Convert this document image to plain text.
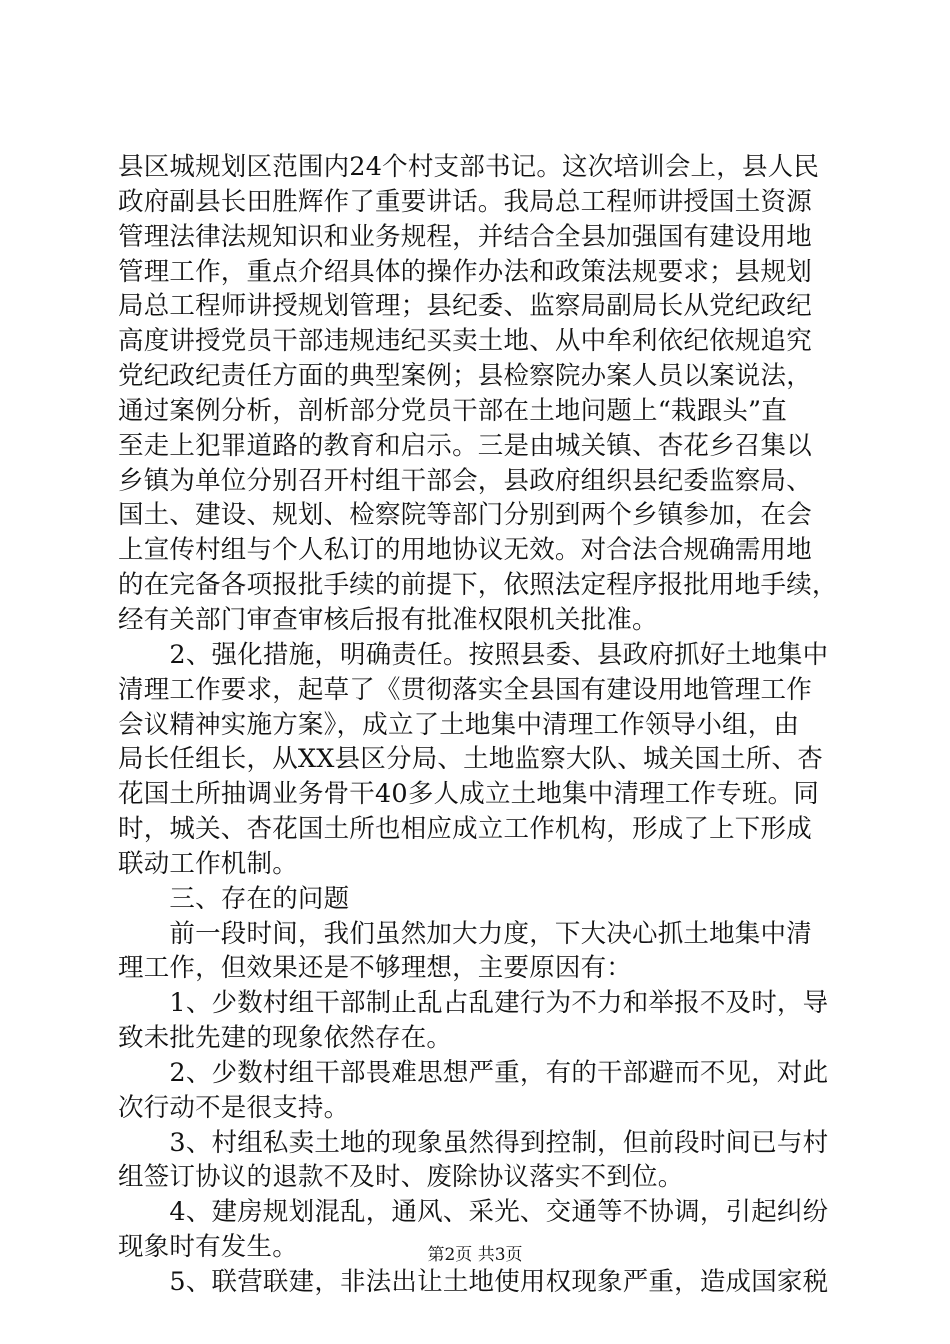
县区城规划区范围内24个村支部书记。这次培训会上，县人民
政府副县长田胜辉作了重要讲话。我局总工程师讲授国土资源
管理法律法规知识和业务规程，并结合全县加强国有建设用地
管理工作，重点介绍具体的操作办法和政策法规要求；县规划
局总工程师讲授规划管理；县纪委、监察局副局长从党纪政纪
高度讲授党员干部违规违纪买卖土地、从中牟利依纪依规追究
党纪政纪责任方面的典型案例；县检察院办案人员以案说法，
通过案例分析，剖析部分党员干部在土地问题上“栽跟头”直
至走上犯罪道路的教育和启示。三是由城关镇、杏花乡召集以
乡镇为单位分别召开村组干部会，县政府组织县纪委监察局、
国土、建设、规划、检察院等部门分别到两个乡镇参加，在会
上宣传村组与个人私订的用地协议无效。对合法合规确需用地
的在完备各项报批手续的前提下，依照法定程序报批用地手续，
经有关部门审查审核后报有批准权限机关批准。
　　2、强化措施，明确责任。按照县委、县政府抓好土地集中
清理工作要求，起草了《贯彻落实全县国有建设用地管理工作
会议精神实施方案》，成立了土地集中清理工作领导小组，由
局长任组长，从XX县区分局、土地监察大队、城关国土所、杏
花国土所抽调业务骨干40多人成立土地集中清理工作专班。同
时，城关、杏花国土所也相应成立工作机构，形成了上下形成
联动工作机制。
　　三、存在的问题
　　前一段时间，我们虽然加大力度，下大决心抓土地集中清
理工作，但效果还是不够理想，主要原因有：
　　1、少数村组干部制止乱占乱建行为不力和举报不及时，导
致未批先建的现象依然存在。
　　2、少数村组干部畏难思想严重，有的干部避而不见，对此
次行动不是很支持。
　　3、村组私卖土地的现象虽然得到控制，但前段时间已与村
组签订协议的退款不及时、废除协议落实不到位。
　　4、建房规划混乱，通风、采光、交通等不协调，引起纠纷
现象时有发生。
　　5、联营联建，非法出让土地使用权现象严重，造成国家税
第2页 共3页
